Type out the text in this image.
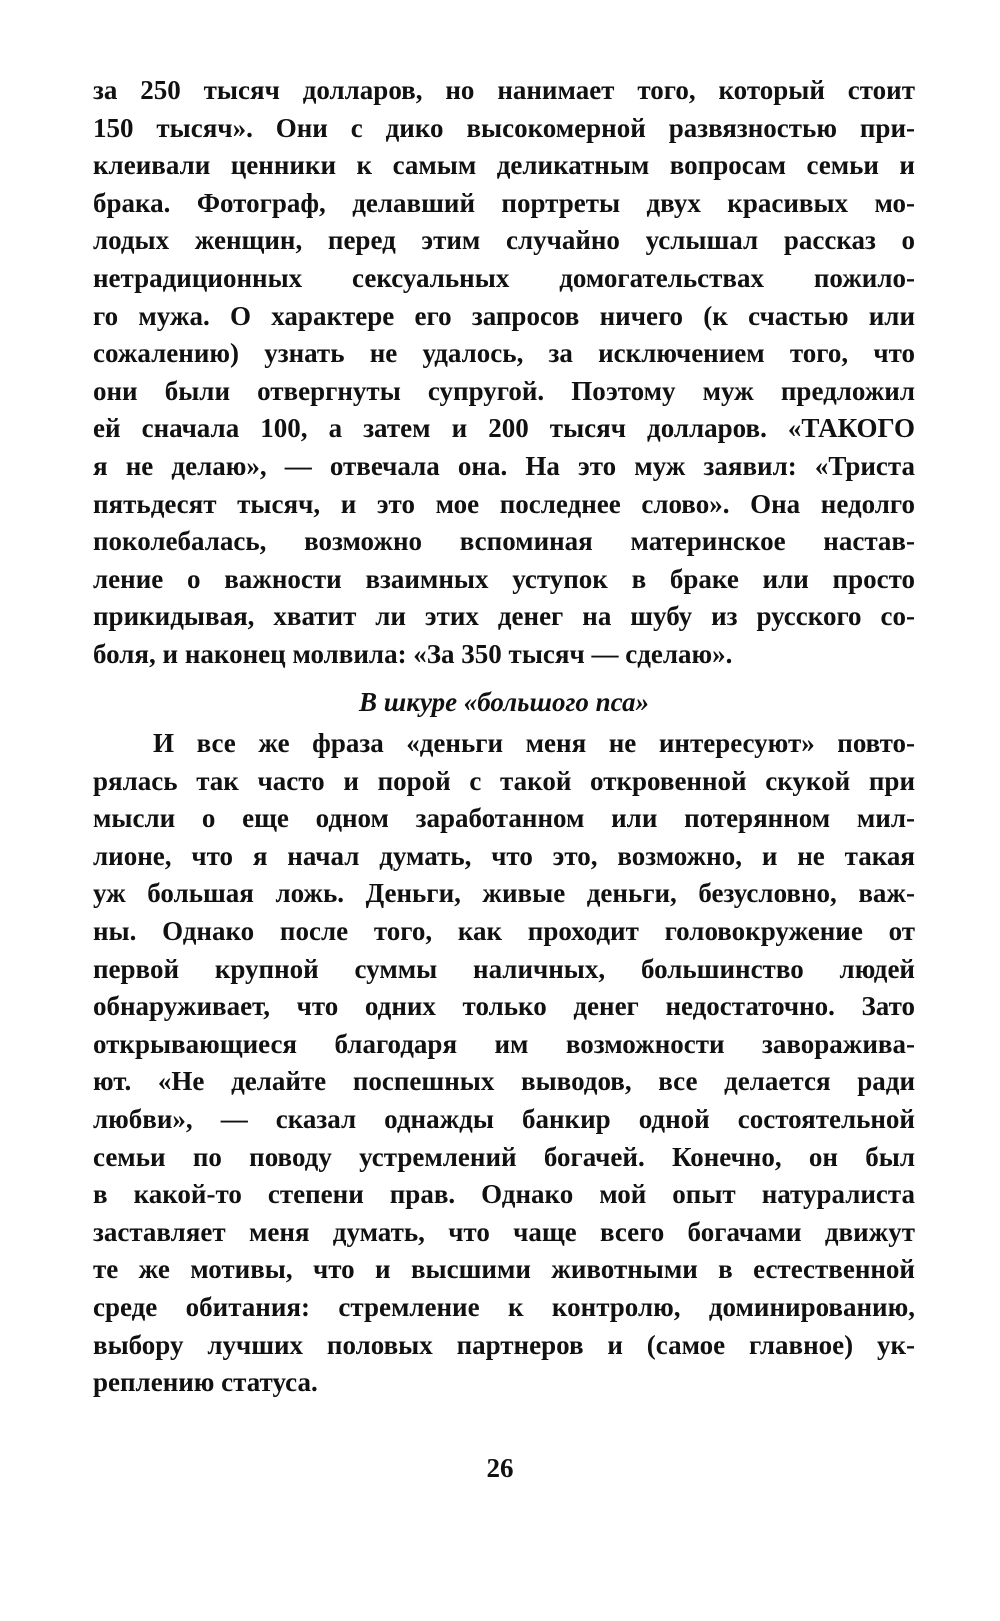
за 250 тысяч долларов, но нанимает того, который стоит
150 тысяч». Они с дико высокомерной развязностью при-
клеивали ценники к самым деликатным вопросам семьи и
брака. Фотограф, делавший портреты двух красивых мо-
лодых женщин, перед этим случайно услышал рассказ о
нетрадиционных сексуальных домогательствах пожило-
го мужа. О характере его запросов ничего (к счастью или
сожалению) узнать не удалось, за исключением того, что
они были отвергнуты супругой. Поэтому муж предложил
ей сначала 100, а затем и 200 тысяч долларов. «ТАКОГО
я не делаю», — отвечала она. На это муж заявил: «Триста
пятьдесят тысяч, и это мое последнее слово». Она недолго
поколебалась, возможно вспоминая материнское настав-
ление о важности взаимных уступок в браке или просто
прикидывая, хватит ли этих денег на шубу из русского со-
боля, и наконец молвила: «За 350 тысяч — сделаю».
В шкуре «большого пса»
И все же фраза «деньги меня не интересуют» повто-
рялась так часто и порой с такой откровенной скукой при
мысли о еще одном заработанном или потерянном мил-
лионе, что я начал думать, что это, возможно, и не такая
уж большая ложь. Деньги, живые деньги, безусловно, важ-
ны. Однако после того, как проходит головокружение от
первой крупной суммы наличных, большинство людей
обнаруживает, что одних только денег недостаточно. Зато
открывающиеся благодаря им возможности завораживa-
ют. «Не делайте поспешных выводов, все делается ради
любви», — сказал однажды банкир одной состоятельной
семьи по поводу устремлений богачей. Конечно, он был
в какой-то степени прав. Однако мой опыт натуралиста
заставляет меня думать, что чаще всего богачами движут
те же мотивы, что и высшими животными в естественной
среде обитания: стремление к контролю, доминированию,
выбору лучших половых партнеров и (самое главное) ук-
реплению статуса.
26
